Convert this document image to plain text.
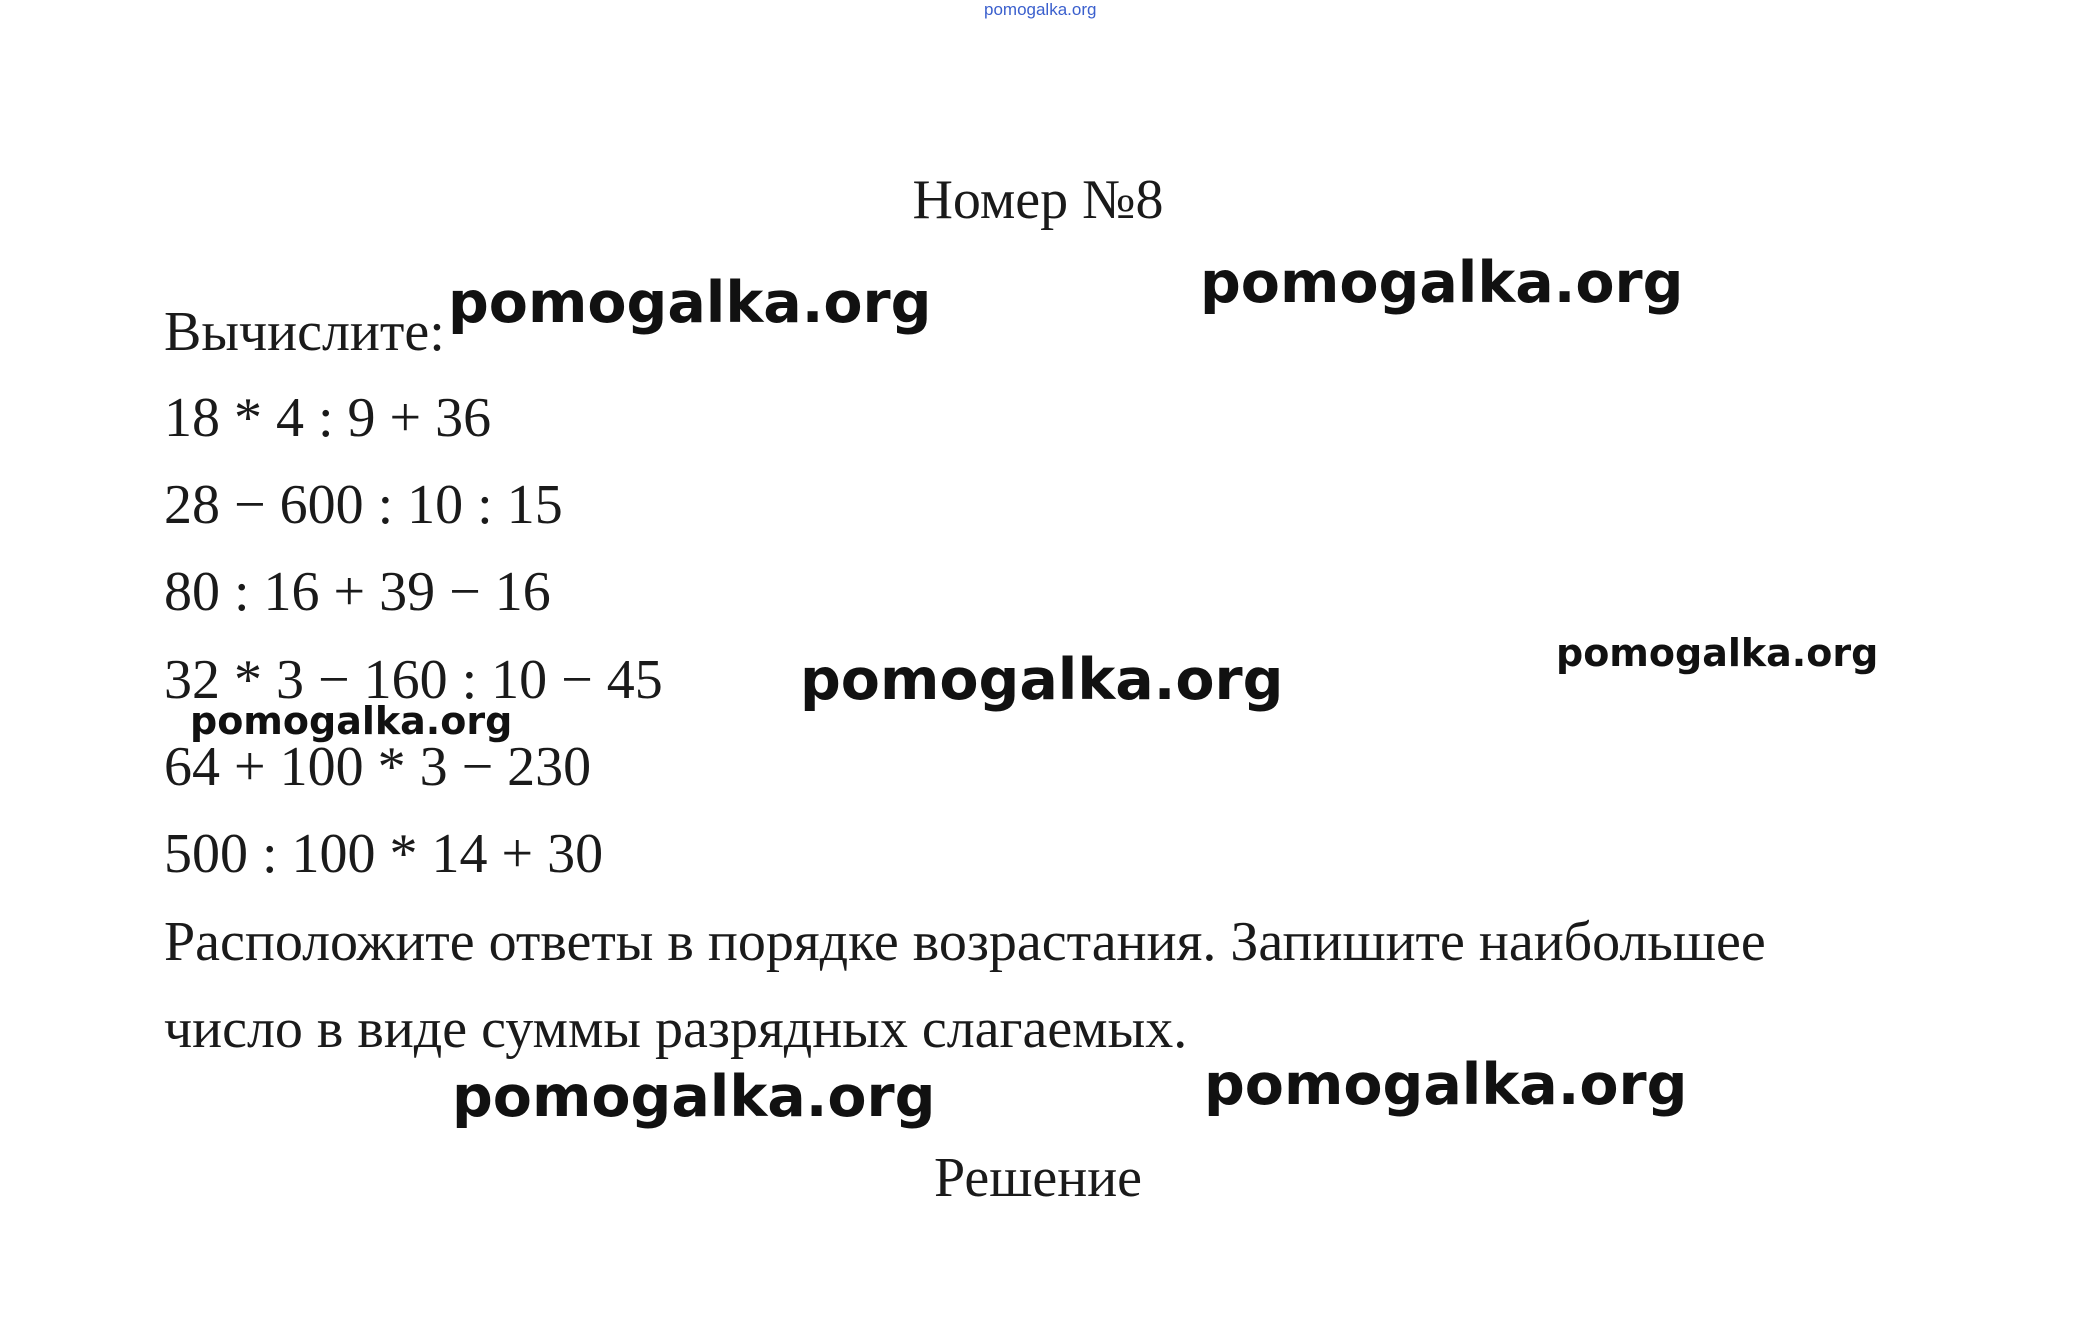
pomogalka.org
Номер №8
Вычислите:
18 * 4 : 9 + 36
28 − 600 : 10 : 15
80 : 16 + 39 − 16
32 * 3 − 160 : 10 − 45
64 + 100 * 3 − 230
500 : 100 * 14 + 30
Расположите ответы в порядке возрастания. Запишите наибольшее
число в виде суммы разрядных слагаемых.
Решение
pomogalka.org	pomogalka.org
pomogalka.org	pomogalka.org
pomogalka.org
pomogalka.org	pomogalka.org
